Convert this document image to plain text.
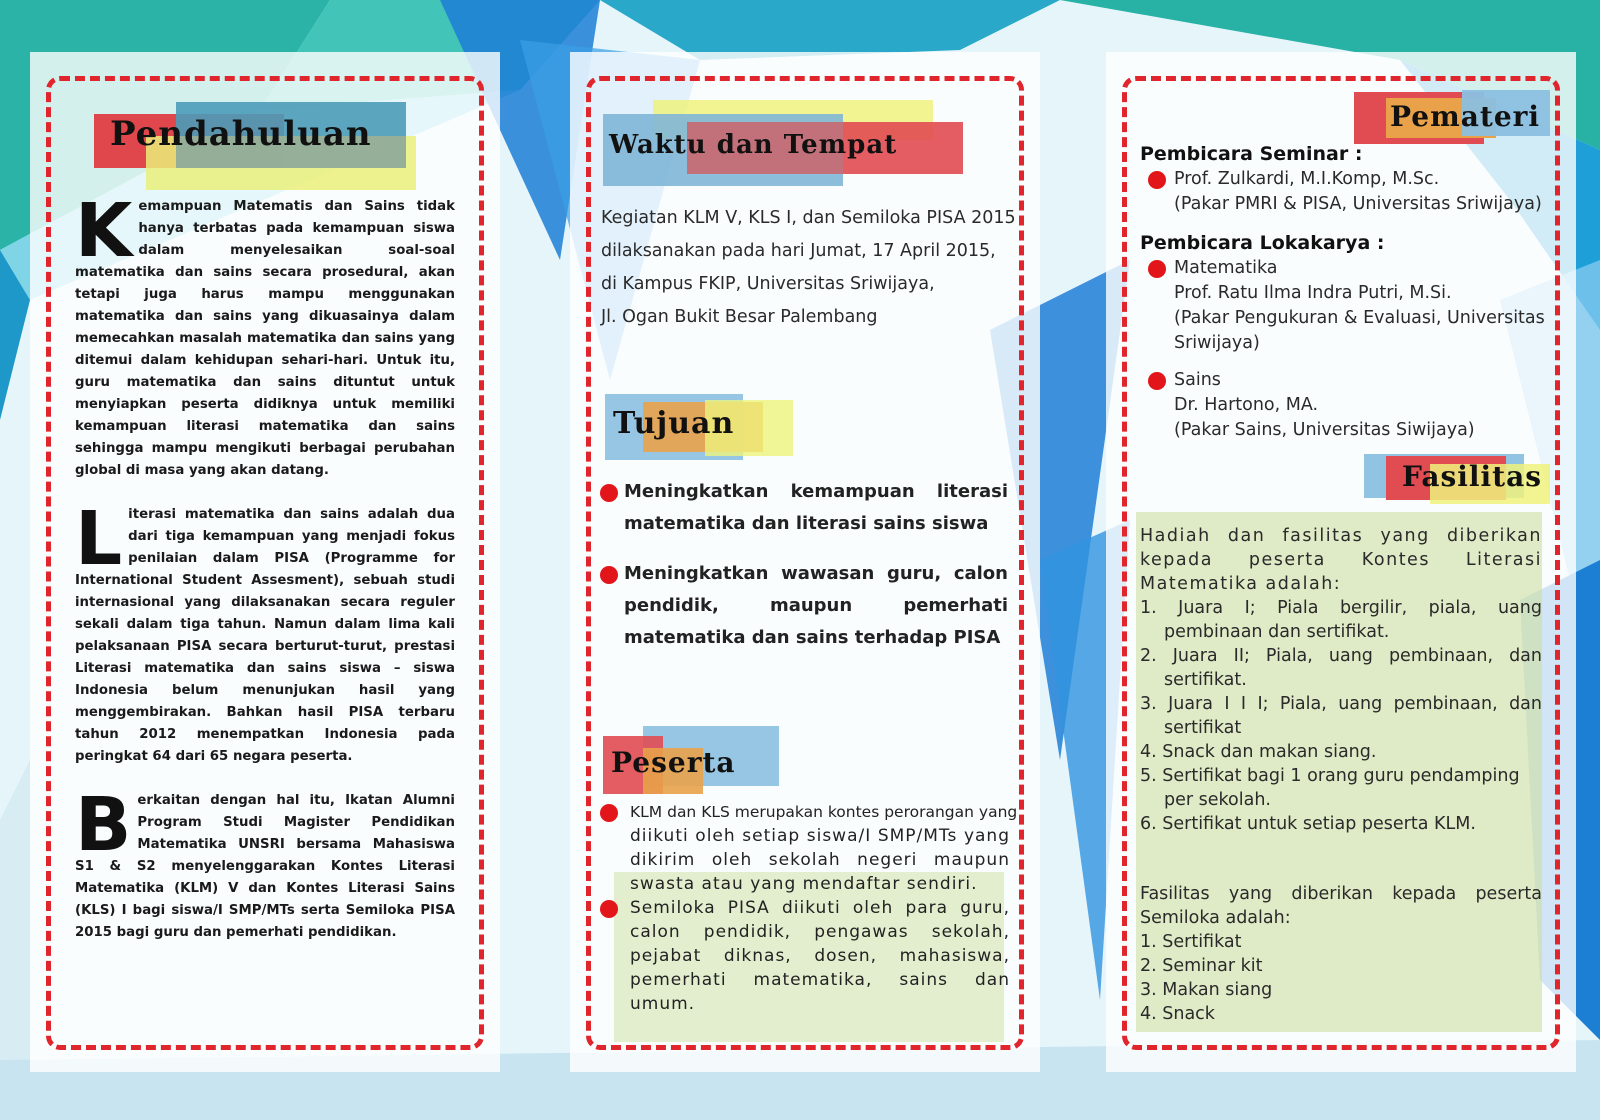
Pendahuluan

Kemampuan Matematis dan Sains tidak hanya terbatas pada kemampuan siswa dalam menyelesaikan soal-soal matematika dan sains secara prosedural, akan tetapi juga harus mampu menggunakan matematika dan sains yang dikuasainya dalam memecahkan masalah matematika dan sains yang ditemui dalam kehidupan sehari-hari. Untuk itu, guru matematika dan sains dituntut untuk menyiapkan peserta didiknya untuk memiliki kemampuan literasi matematika dan sains sehingga mampu mengikuti berbagai perubahan global di masa yang akan datang.

Literasi matematika dan sains adalah dua dari tiga kemampuan yang menjadi fokus penilaian dalam PISA (Programme for International Student Assesment), sebuah studi internasional yang dilaksanakan secara reguler sekali dalam tiga tahun. Namun dalam lima kali pelaksanaan PISA secara berturut-turut, prestasi Literasi matematika dan sains siswa – siswa Indonesia belum menunjukan hasil yang menggembirakan. Bahkan hasil PISA terbaru tahun 2012 menempatkan Indonesia pada peringkat 64 dari 65 negara peserta.

Berkaitan dengan hal itu, Ikatan Alumni Program Studi Magister Pendidikan Matematika UNSRI bersama Mahasiswa S1 & S2 menyelenggarakan Kontes Literasi Matematika (KLM) V dan Kontes Literasi Sains (KLS) I bagi siswa/I SMP/MTs serta Semiloka PISA 2015 bagi guru dan pemerhati pendidikan.

Waktu dan Tempat
Kegiatan KLM V, KLS I, dan Semiloka PISA 2015
dilaksanakan pada hari Jumat, 17 April 2015,
di Kampus FKIP, Universitas Sriwijaya,
Jl. Ogan Bukit Besar Palembang
Tujuan
Meningkatkan kemampuan literasi matematika dan literasi sains siswa
Meningkatkan wawasan guru, calon pendidik, maupun pemerhati matematika dan sains terhadap PISA
Peserta
KLM dan KLS merupakan kontes perorangan yang
diikuti oleh setiap siswa/I SMP/MTs yang dikirim oleh sekolah negeri maupun swasta atau yang mendaftar sendiri.
Semiloka PISA diikuti oleh para guru, calon pendidik, pengawas sekolah, pejabat diknas, dosen, mahasiswa, pemerhati matematika, sains dan umum.
Pemateri
Pembicara Seminar :
Prof. Zulkardi, M.I.Komp, M.Sc.
(Pakar PMRI & PISA, Universitas Sriwijaya)
Pembicara Lokakarya :
Matematika
Prof. Ratu Ilma Indra Putri, M.Si.
(Pakar Pengukuran & Evaluasi, Universitas Sriwijaya)
Sains
Dr. Hartono, MA.
(Pakar Sains, Universitas Siwijaya)
Fasilitas
Hadiah dan fasilitas yang diberikan kepada peserta Kontes Literasi Matematika adalah:
1. Juara I; Piala bergilir, piala, uang pembinaan dan sertifikat.
2. Juara II; Piala, uang pembinaan, dan sertifikat.
3. Juara I I I; Piala, uang pembinaan, dan sertifikat
4. Snack dan makan siang.
5. Sertifikat bagi 1 orang guru pendamping per sekolah.
6. Sertifikat untuk setiap peserta KLM.
Fasilitas yang diberikan kepada peserta Semiloka adalah:
1. Sertifikat
2. Seminar kit
3. Makan siang
4. Snack
